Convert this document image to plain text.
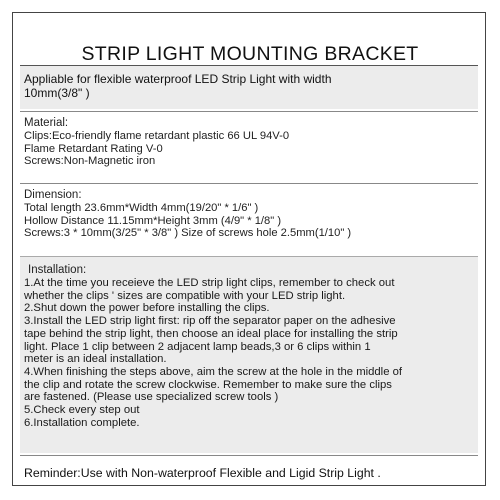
STRIP LIGHT MOUNTING BRACKET
Appliable for flexible waterproof LED Strip Light with width
10mm(3/8" )
Material:
Clips:Eco-friendly flame retardant plastic 66 UL 94V-0
Flame Retardant Rating V-0
Screws:Non-Magnetic iron
Dimension:
Total length 23.6mm*Width 4mm(19/20" * 1/6" )
Hollow Distance 11.15mm*Height 3mm (4/9" * 1/8" )
Screws:3 * 10mm(3/25" * 3/8" ) Size of screws hole 2.5mm(1/10" )
Installation:
1.At the time you receieve the LED strip light clips, remember to check out
whether the clips ' sizes are compatible with your LED strip light.
2.Shut down the power before installing the clips.
3.Install the LED strip light first: rip off the separator paper on the adhesive
tape behind the strip light, then choose an ideal place for installing the strip
light. Place 1 clip between 2 adjacent lamp beads,3 or 6 clips within 1
meter is an ideal installation.
4.When finishing the steps above, aim the screw at the hole in the middle of
the clip and rotate the screw clockwise. Remember to make sure the clips
are fastened. (Please use specialized screw tools )
5.Check every step out
6.Installation complete.
Reminder:Use with Non-waterproof Flexible and Ligid Strip Light .
